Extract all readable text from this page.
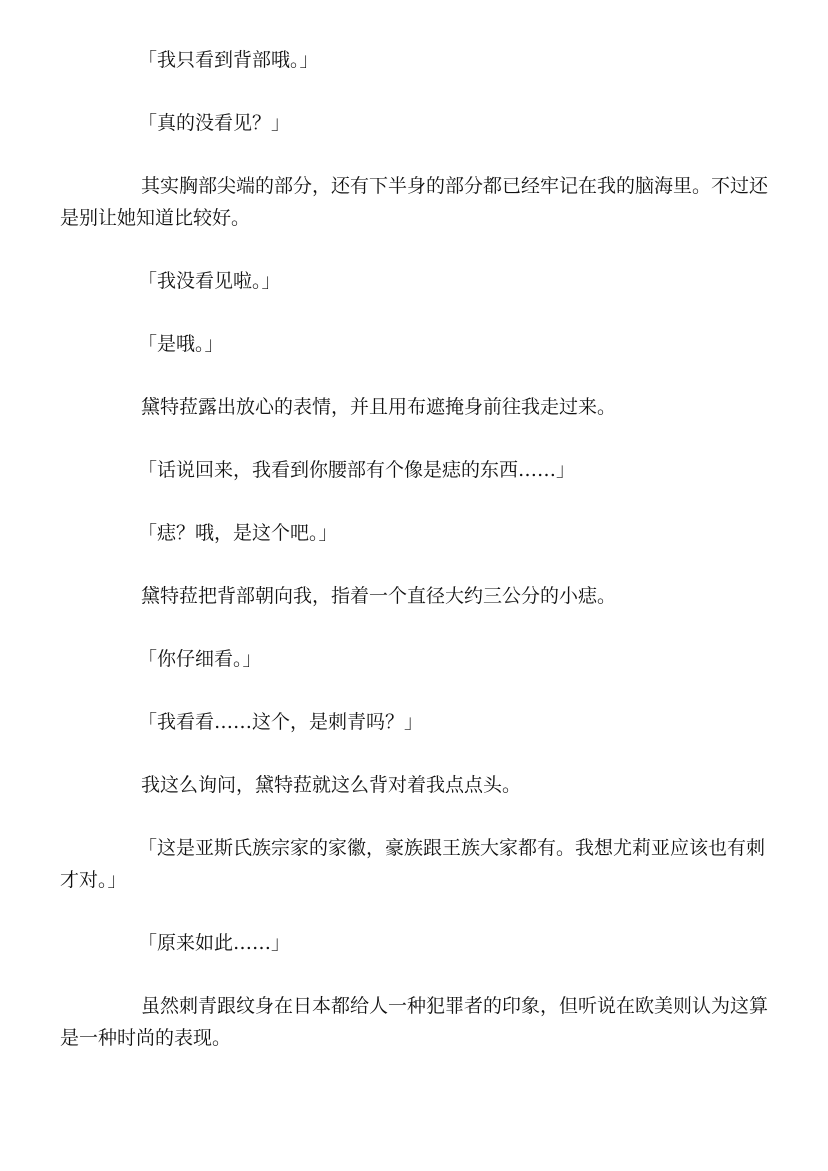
「我只看到背部哦。」

「真的没看见？」

其实胸部尖端的部分，还有下半身的部分都已经牢记在我的脑海里。不过还是别让她知道比较好。

「我没看见啦。」

「是哦。」

黛特菈露出放心的表情，并且用布遮掩身前往我走过来。

「话说回来，我看到你腰部有个像是痣的东西……」

「痣？哦，是这个吧。」

黛特菈把背部朝向我，指着一个直径大约三公分的小痣。

「你仔细看。」

「我看看……这个，是刺青吗？」

我这么询问，黛特菈就这么背对着我点点头。

「这是亚斯氏族宗家的家徽，豪族跟王族大家都有。我想尤莉亚应该也有刺才对。」

「原来如此……」

虽然刺青跟纹身在日本都给人一种犯罪者的印象，但听说在欧美则认为这算是一种时尚的表现。
